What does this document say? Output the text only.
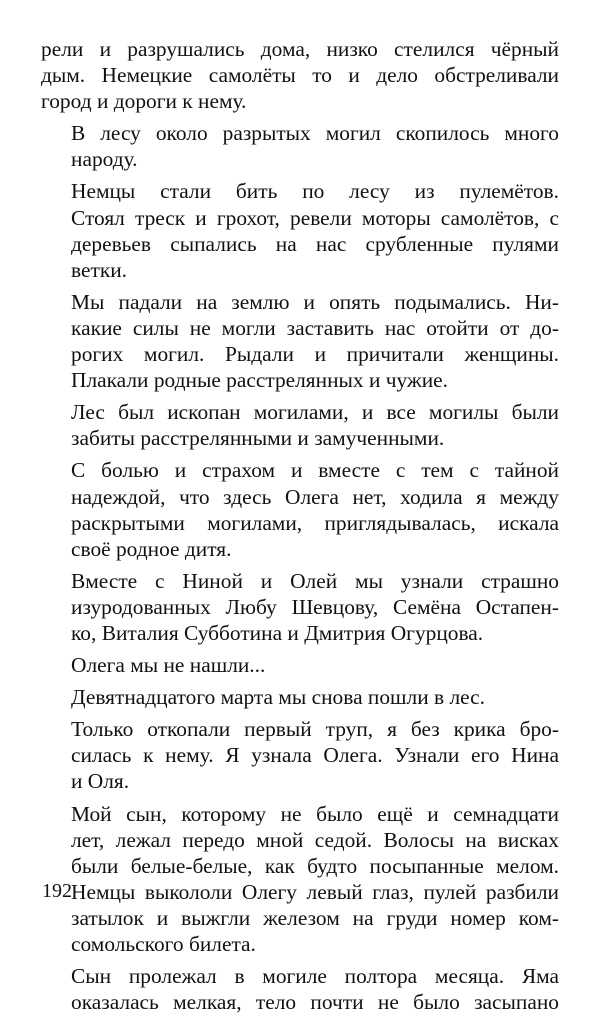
рели и разрушались дома, низко стелился чёрный
дым. Немецкие самолёты то и дело обстреливали
город и дороги к нему.

В лесу около разрытых могил скопилось много
народу.

Немцы стали бить по лесу из пулемётов.
Стоял треск и грохот, ревели моторы самолётов, с
деревьев сыпались на нас срубленные пулями
ветки.

Мы падали на землю и опять подымались. Ни-
какие силы не могли заставить нас отойти от до-
рогих могил. Рыдали и причитали женщины.
Плакали родные расстрелянных и чужие.

Лес был ископан могилами, и все могилы были
забиты расстрелянными и замученными.

С болью и страхом и вместе с тем с тайной
надеждой, что здесь Олега нет, ходила я между
раскрытыми могилами, приглядывалась, искала
своё родное дитя.

Вместе с Ниной и Олей мы узнали страшно
изуродованных Любу Шевцову, Семёна Остапен-
ко, Виталия Субботина и Дмитрия Огурцова.

Олега мы не нашли...

Девятнадцатого марта мы снова пошли в лес.

Только откопали первый труп, я без крика бро-
силась к нему. Я узнала Олега. Узнали его Нина
и Оля.

Мой сын, которому не было ещё и семнадцати
лет, лежал передо мной седой. Волосы на висках
были белые-белые, как будто посыпанные мелом.
Немцы выкололи Олегу левый глаз, пулей разбили
затылок и выжгли железом на груди номер ком-
сомольского билета.

Сын пролежал в могиле полтора месяца. Яма
оказалась мелкая, тело почти не было засыпано

192
